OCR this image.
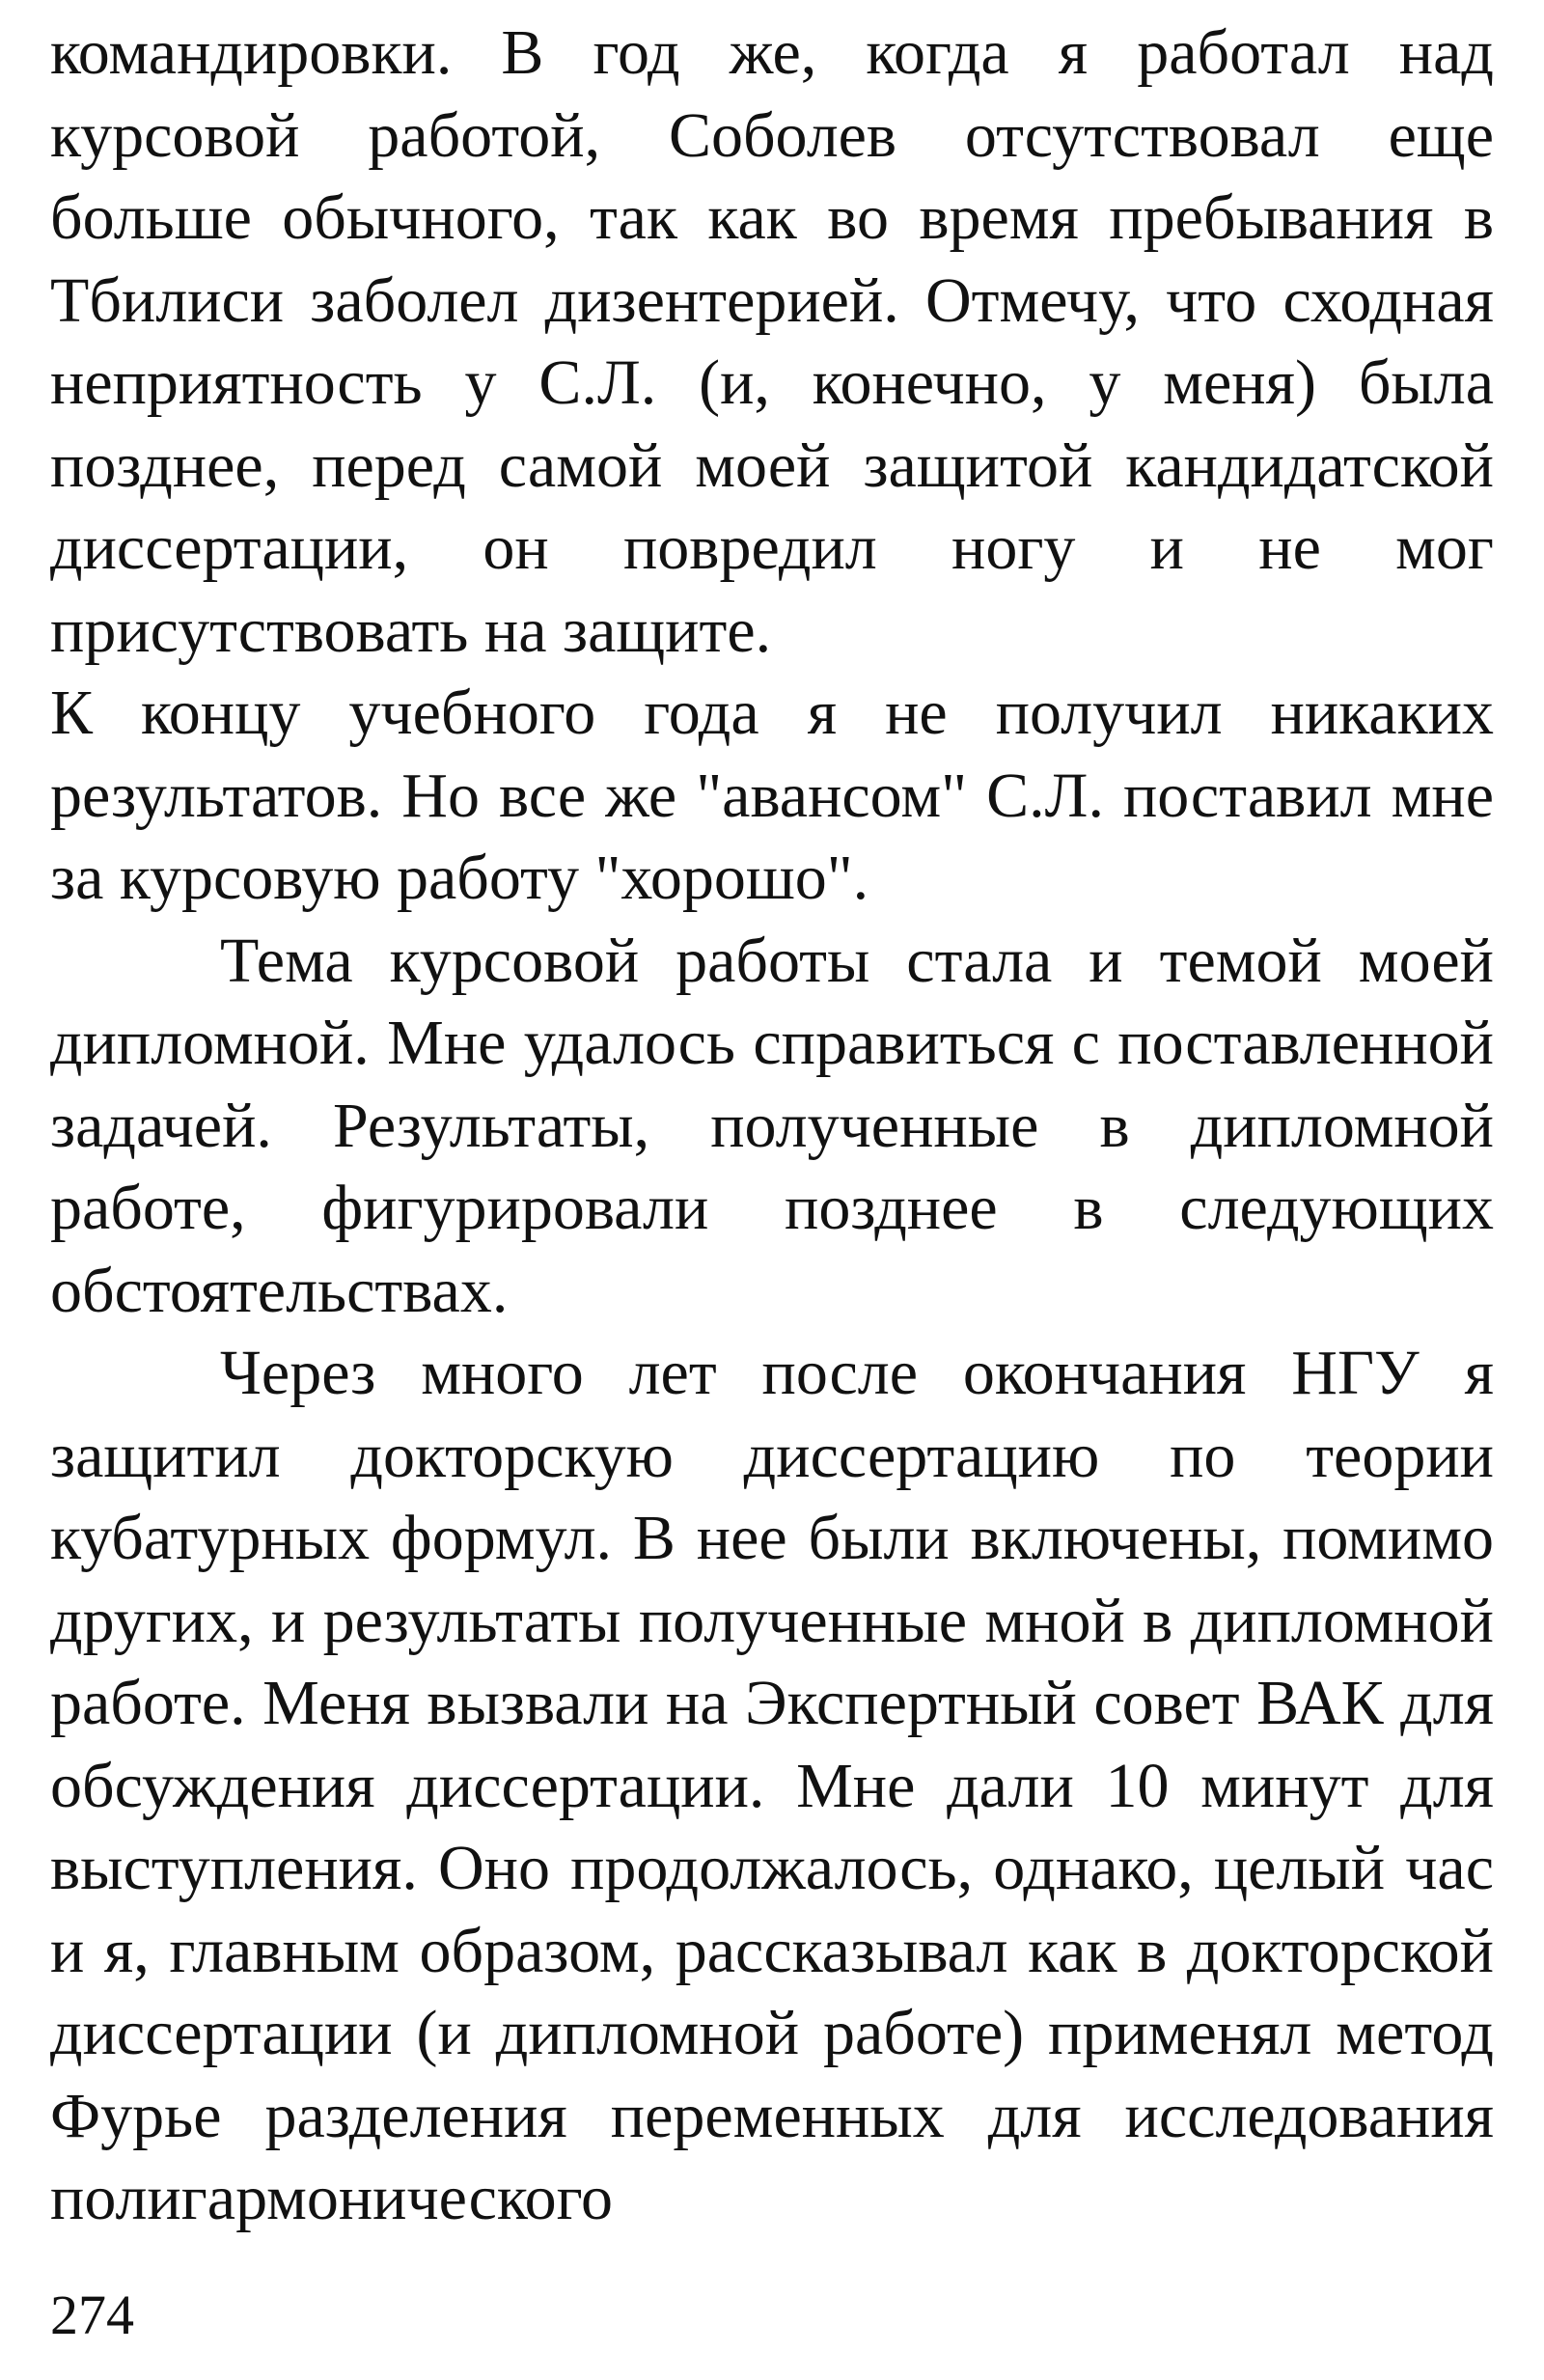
командировки. В год же, когда я работал над курсовой работой, Соболев отсутствовал еще больше обычного, так как во время пребывания в Тбилиси заболел дизентерией. Отмечу, что сходная неприятность у С.Л. (и, конечно, у меня) была позднее, перед самой моей защитой кандидатской диссертации, он повредил ногу и не мог присутствовать на защите.

К концу учебного года я не получил никаких результатов. Но все же "авансом" С.Л. поставил мне за курсовую работу "хорошо".

Тема курсовой работы стала и темой моей дипломной. Мне удалось справиться с поставленной задачей. Результаты, полученные в дипломной работе, фигурировали позднее в следующих обстоятельствах.

Через много лет после окончания НГУ я защитил докторскую диссертацию по теории кубатурных формул. В нее были включены, помимо других, и результаты полученные мной в дипломной работе. Меня вызвали на Экспертный совет ВАК для обсуждения диссертации. Мне дали 10 минут для выступления. Оно продолжалось, однако, целый час и я, главным образом, рассказывал как в докторской диссертации (и дипломной работе) применял метод Фурье разделения переменных для исследования полигармонического

274
